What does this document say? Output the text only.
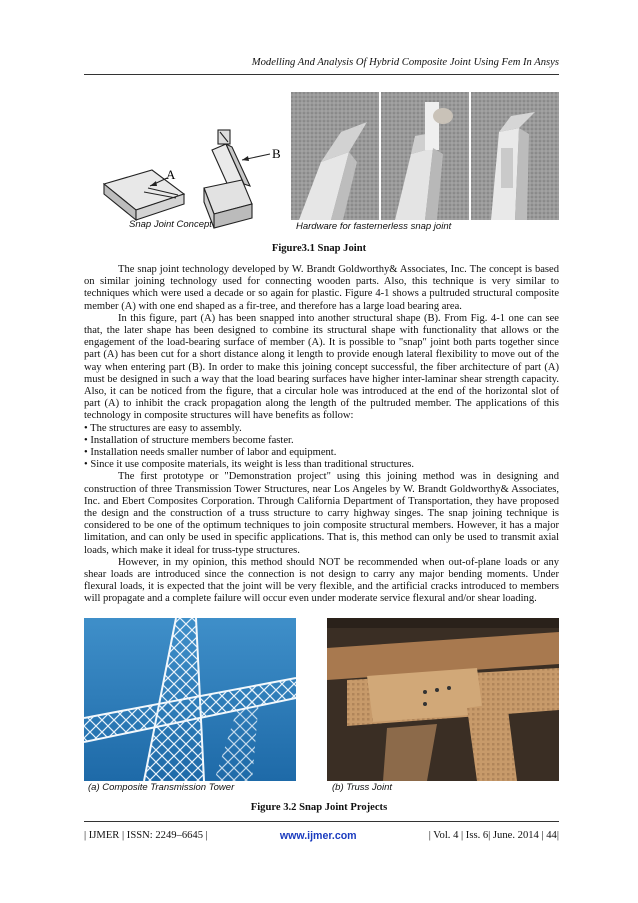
Modelling And Analysis Of Hybrid Composite Joint Using Fem In Ansys
A
B
Snap Joint Concept	Hardware for fasternerless snap joint
Figure3.1 Snap Joint

The snap joint technology developed by W. Brandt Goldworthy& Associates, Inc. The concept is based on similar joining technology used for connecting wooden parts. Also, this technique is very similar to techniques which were used a decade or so again for plastic. Figure 4-1 shows a pultruded structural composite member (A) with one end shaped as a fir-tree, and therefore has a large load bearing area.

In this figure, part (A) has been snapped into another structural shape (B). From Fig. 4-1 one can see that, the later shape has been designed to combine its structural shape with functionality that allows or the engagement of the load-bearing surface of member (A). It is possible to "snap" joint both parts together since part (A) has been cut for a short distance along it length to provide enough lateral flexibility to move out of the way when entering part (B). In order to make this joining concept successful, the fiber architecture of part (A) must be designed in such a way that the load bearing surfaces have higher inter-laminar shear strength capacity. Also, it can be noticed from the figure, that a circular hole was introduced at the end of the horizontal slot of part (A) to inhibit the crack propagation along the length of the pultruded member. The applications of this technology in composite structures will have benefits as follow:

• The structures are easy to assembly.

• Installation of structure members become faster.

• Installation needs smaller number of labor and equipment.

• Since it use composite materials, its weight is less than traditional structures.

The first prototype or "Demonstration project" using this joining method was in designing and construction of three Transmission Tower Structures, near Los Angeles by W. Brandt Goldworthy& Associates, Inc. and Ebert Composites Corporation. Through California Department of Transportation, they have proposed the design and the construction of a truss structure to carry highway singes. The snap joining technique is considered to be one of the optimum techniques to join composite structural members. However, it has a major limitation, and can only be used in specific applications. That is, this method can only be used to transmit axial loads, which make it ideal for truss-type structures.

However, in my opinion, this method should NOT be recommended when out-of-plane loads or any shear loads are introduced since the connection is not design to carry any major bending moments. Under flexural loads, it is expected that the joint will be very flexible, and the artificial cracks introduced to members will propagate and a complete failure will occur even under moderate service flexural and/or shear loading.

(a) Composite Transmission Tower	(b) Truss Joint
Figure 3.2 Snap Joint Projects
| IJMER | ISSN: 2249–6645 |	www.ijmer.com	| Vol. 4 | Iss. 6| June. 2014 | 44|
